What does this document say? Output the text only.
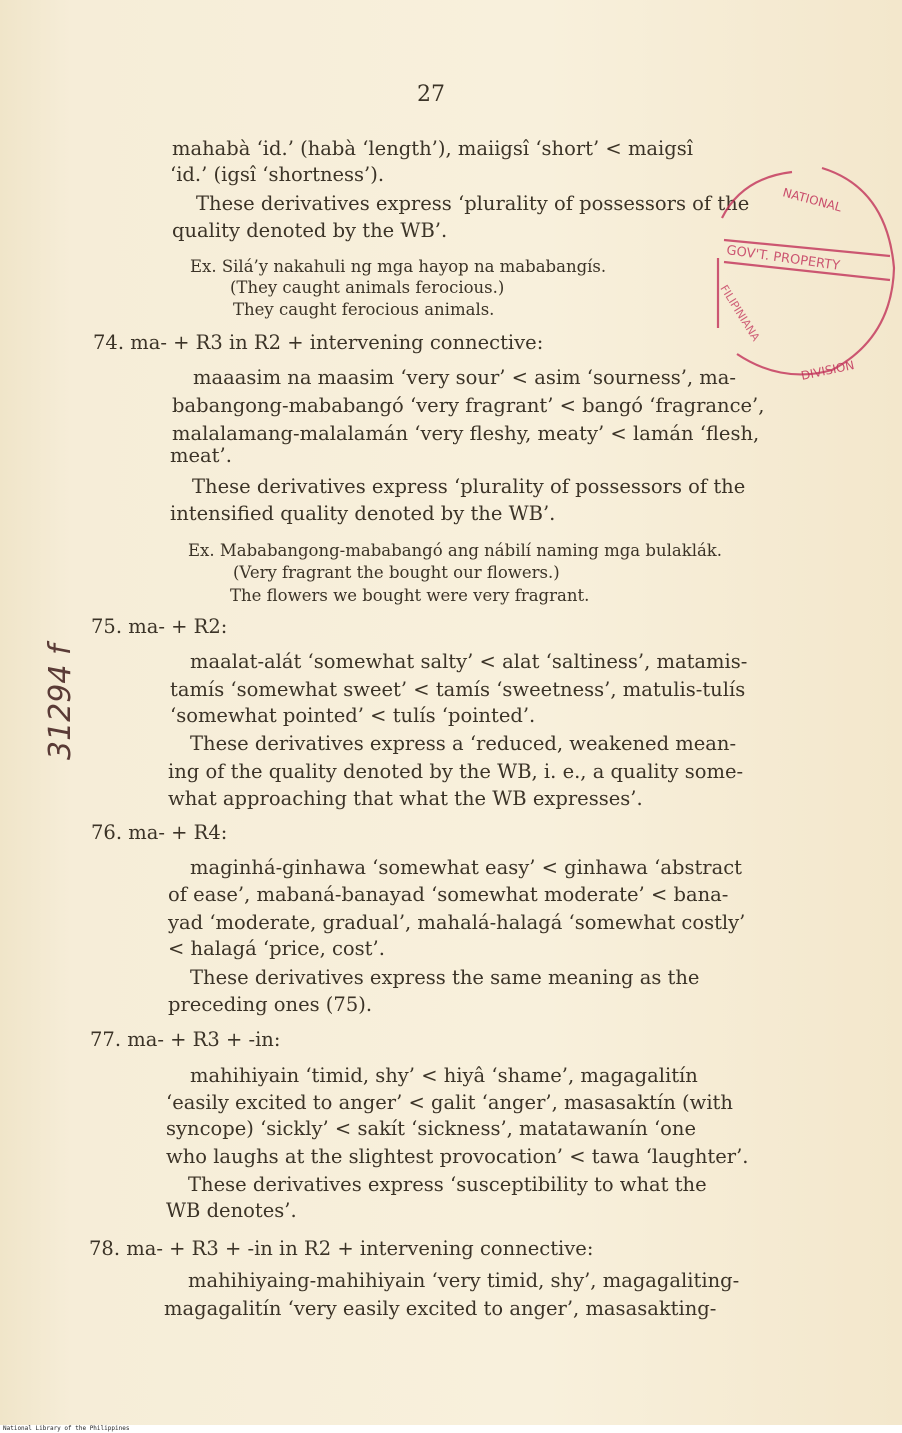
27
mahabà ‘id.’ (habà ‘length’), maiigsî ‘short’ < maigsî
‘id.’ (igsî ‘shortness’).
These derivatives express ‘plurality of possessors of the
quality denoted by the WB’.
Ex. Silá’y nakahuli ng mga hayop na mababangís.
(They caught animals ferocious.)
They caught ferocious animals.
74. ma- + R3 in R2 + intervening connective:
maaasim na maasim ‘very sour’ < asim ‘sourness’, ma-
babangong-mababangó ‘very fragrant’ < bangó ‘fragrance’,
malalamang-malalamán ‘very fleshy, meaty’ < lamán ‘flesh,
meat’.
These derivatives express ‘plurality of possessors of the
intensified quality denoted by the WB’.
Ex. Mababangong-mababangó ang nábilí naming mga bulaklák.
(Very fragrant the bought our flowers.)
The flowers we bought were very fragrant.
75. ma- + R2:
maalat-alát ‘somewhat salty’ < alat ‘saltiness’, matamis-
tamís ‘somewhat sweet’ < tamís ‘sweetness’, matulis-tulís
‘somewhat pointed’ < tulís ‘pointed’.
These derivatives express a ‘reduced, weakened mean-
ing of the quality denoted by the WB, i. e., a quality some-
what approaching that what the WB expresses’.
76. ma- + R4:
maginhá-ginhawa ‘somewhat easy’ < ginhawa ‘abstract
of ease’, mabaná-banayad ‘somewhat moderate’ < bana-
yad ‘moderate, gradual’, mahalá-halagá ‘somewhat costly’
< halagá ‘price, cost’.
These derivatives express the same meaning as the
preceding ones (75).
77. ma- + R3 + -in:
mahihiyain ‘timid, shy’ < hiyâ ‘shame’, magagalitín
‘easily excited to anger’ < galit ‘anger’, masasaktín (with
syncope) ‘sickly’ < sakít ‘sickness’, matatawanín ‘one
who laughs at the slightest provocation’ < tawa ‘laughter’.
These derivatives express ‘susceptibility to what the
WB denotes’.
78. ma- + R3 + -in in R2 + intervening connective:
mahihiyaing-mahihiyain ‘very timid, shy’, magagaliting-
magagalitín ‘very easily excited to anger’, masasakting-
NATIONAL
GOV'T. PROPERTY
FILIPINIANA
DIVISION
31294 f
National Library of the Philippines
